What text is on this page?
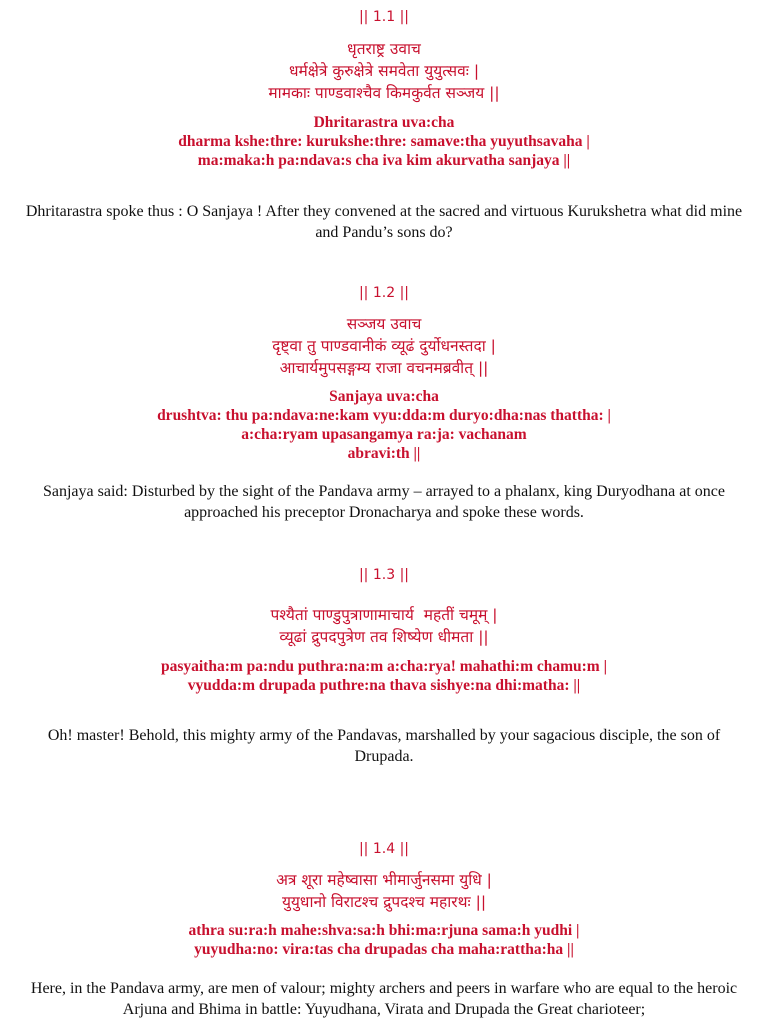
|| 1.1 ||

धृतराष्ट्र उवाच

धर्मक्षेत्रे कुरुक्षेत्रे समवेता युयुत्सवः |

मामकाः पाण्डवाश्चैव किमकुर्वत सञ्जय ||

Dhritarastra uva:cha

dharma kshe:thre: kurukshe:thre: samave:tha yuyuthsavaha |

ma:maka:h pa:ndava:s cha iva kim akurvatha sanjaya ||

Dhritarastra spoke thus : O Sanjaya ! After they convened at the sacred and virtuous Kurukshetra what did mine
and Pandu’s sons do?
|| 1.2 ||

सञ्जय उवाच

दृष्ट्वा तु पाण्डवानीकं व्यूढं दुर्योधनस्तदा |

आचार्यमुपसङ्गम्य राजा वचनमब्रवीत् ||

Sanjaya uva:cha

drushtva: thu pa:ndava:ne:kam vyu:dda:m duryo:dha:nas thattha: |

a:cha:ryam upasangamya ra:ja: vachanam

abravi:th ||

Sanjaya said: Disturbed by the sight of the Pandava army – arrayed to a phalanx, king Duryodhana at once
approached his preceptor Dronacharya and spoke these words.
|| 1.3 ||

पश्यैतां पाण्डुपुत्राणामाचार्य  महतीं चमूम् |

व्यूढां द्रुपदपुत्रेण तव शिष्येण धीमता ||

pasyaitha:m pa:ndu puthra:na:m a:cha:rya! mahathi:m chamu:m |

vyudda:m drupada puthre:na thava sishye:na dhi:matha: ||

Oh! master! Behold, this mighty army of the Pandavas, marshalled by your sagacious disciple, the son of
Drupada.
|| 1.4 ||

अत्र शूरा महेष्वासा भीमार्जुनसमा युधि |

युयुधानो विराटश्च द्रुपदश्च महारथः ||

athra su:ra:h mahe:shva:sa:h bhi:ma:rjuna sama:h yudhi |

yuyudha:no: vira:tas cha drupadas cha maha:rattha:ha ||

Here, in the Pandava army, are men of valour; mighty archers and peers in warfare who are equal to the heroic
Arjuna and Bhima in battle: Yuyudhana, Virata and Drupada the Great charioteer;
